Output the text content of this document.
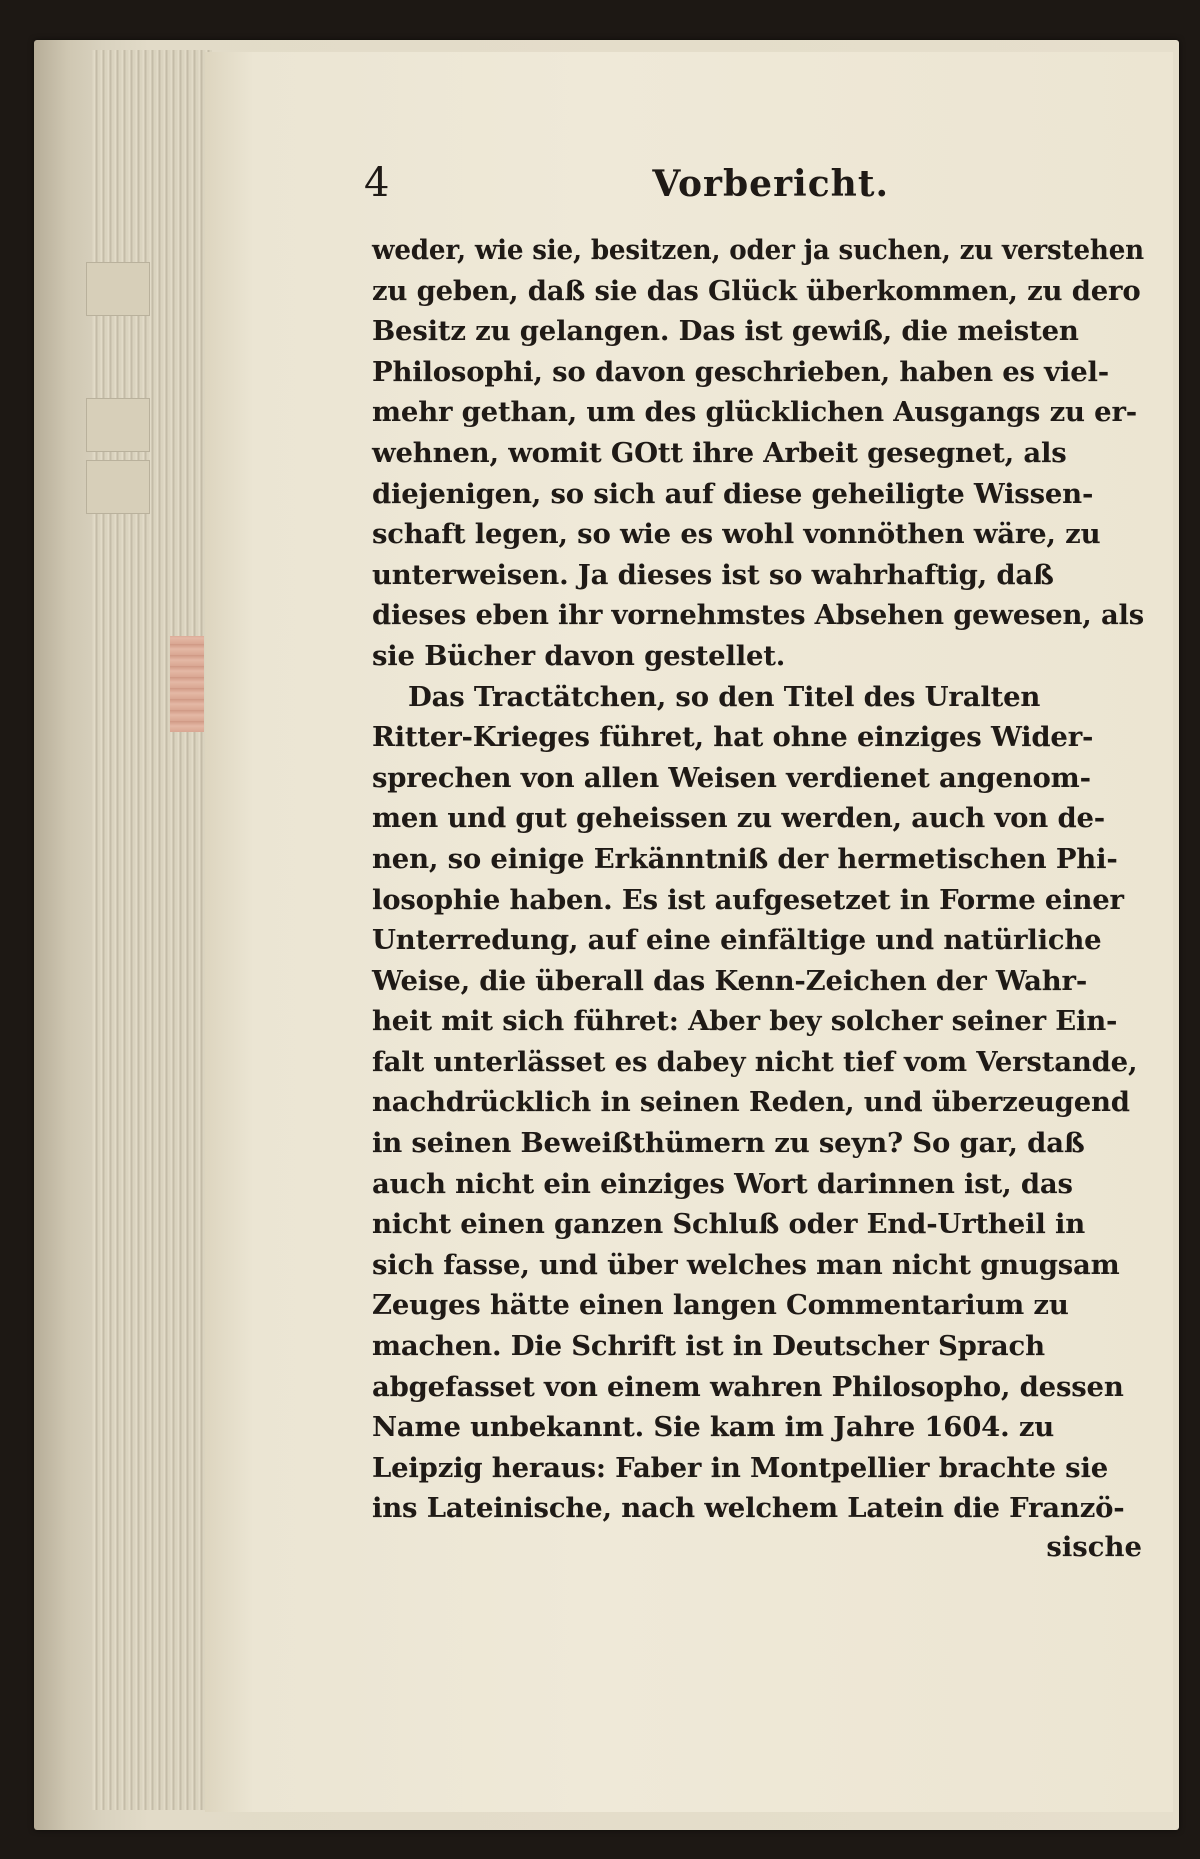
4	Vorbericht.
weder, wie sie, besitzen, oder ja suchen, zu verstehen
zu geben, daß sie das Glück überkommen, zu dero
Besitz zu gelangen. Das ist gewiß, die meisten
Philosophi, so davon geschrieben, haben es viel-
mehr gethan, um des glücklichen Ausgangs zu er-
wehnen, womit GOtt ihre Arbeit gesegnet, als
diejenigen, so sich auf diese geheiligte Wissen-
schaft legen, so wie es wohl vonnöthen wäre, zu
unterweisen. Ja dieses ist so wahrhaftig, daß
dieses eben ihr vornehmstes Absehen gewesen, als
sie Bücher davon gestellet.
Das Tractätchen, so den Titel des Uralten
Ritter-Krieges führet, hat ohne einziges Wider-
sprechen von allen Weisen verdienet angenom-
men und gut geheissen zu werden, auch von de-
nen, so einige Erkänntniß der hermetischen Phi-
losophie haben. Es ist aufgesetzet in Forme einer
Unterredung, auf eine einfältige und natürliche
Weise, die überall das Kenn-Zeichen der Wahr-
heit mit sich führet: Aber bey solcher seiner Ein-
falt unterlässet es dabey nicht tief vom Verstande,
nachdrücklich in seinen Reden, und überzeugend
in seinen Beweißthümern zu seyn? So gar, daß
auch nicht ein einziges Wort darinnen ist, das
nicht einen ganzen Schluß oder End-Urtheil in
sich fasse, und über welches man nicht gnugsam
Zeuges hätte einen langen Commentarium zu
machen. Die Schrift ist in Deutscher Sprach
abgefasset von einem wahren Philosopho, dessen
Name unbekannt. Sie kam im Jahre 1604. zu
Leipzig heraus: Faber in Montpellier brachte sie
ins Lateinische, nach welchem Latein die Franzö-
sische
